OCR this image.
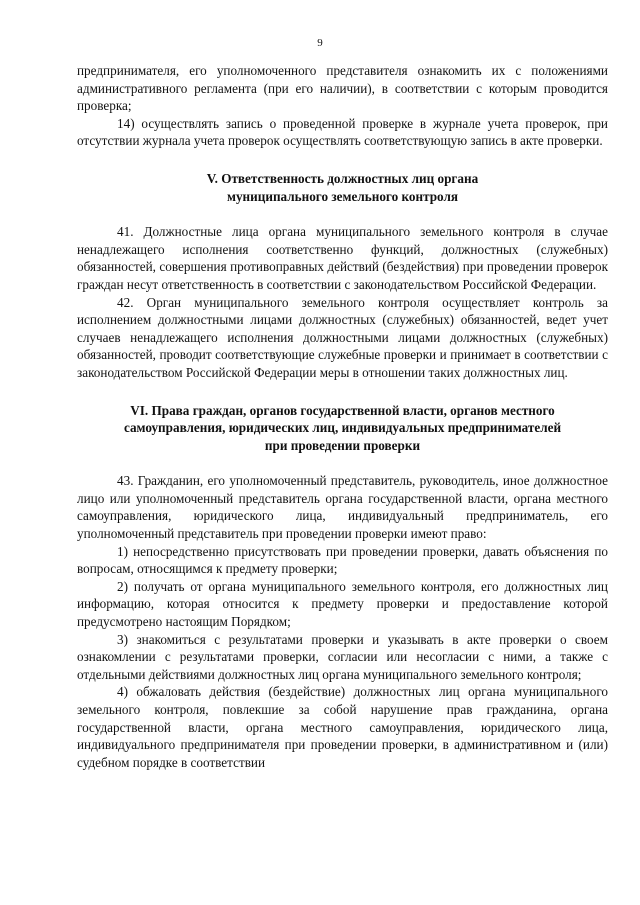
9

предпринимателя, его уполномоченного представителя ознакомить их с положениями административного регламента (при его наличии), в соответствии с которым проводится проверка;

14) осуществлять запись о проведенной проверке в журнале учета проверок, при отсутствии журнала учета проверок осуществлять соответствующую запись в акте проверки.

V. Ответственность должностных лиц органа

муниципального земельного контроля

41. Должностные лица органа муниципального земельного контроля в случае ненадлежащего исполнения соответственно функций, должностных (служебных) обязанностей, совершения противоправных действий (бездействия) при проведении проверок граждан несут ответственность в соответствии с законодательством Российской Федерации.

42. Орган муниципального земельного контроля осуществляет контроль за исполнением должностными лицами должностных (служебных) обязанностей, ведет учет случаев ненадлежащего исполнения должностными лицами должностных (служебных) обязанностей, проводит соответствующие служебные проверки и принимает в соответствии с законодательством Российской Федерации меры в отношении таких должностных лиц.

VI. Права граждан, органов государственной власти, органов местного

самоуправления, юридических лиц, индивидуальных предпринимателей

при проведении проверки

43. Гражданин, его уполномоченный представитель, руководитель, иное должностное лицо или уполномоченный представитель органа государственной власти, органа местного самоуправления, юридического лица, индивидуальный предприниматель, его уполномоченный представитель при проведении проверки имеют право:

1) непосредственно присутствовать при проведении проверки, давать объяснения по вопросам, относящимся к предмету проверки;

2) получать от органа муниципального земельного контроля, его должностных лиц информацию, которая относится к предмету проверки и предоставление которой предусмотрено настоящим Порядком;

3) знакомиться с результатами проверки и указывать в акте проверки о своем ознакомлении с результатами проверки, согласии или несогласии с ними, а также с отдельными действиями должностных лиц органа муниципального земельного контроля;

4) обжаловать действия (бездействие) должностных лиц органа муниципального земельного контроля, повлекшие за собой нарушение прав гражданина, органа государственной власти, органа местного самоуправления, юридического лица, индивидуального предпринимателя при проведении проверки, в административном и (или) судебном порядке в соответствии
